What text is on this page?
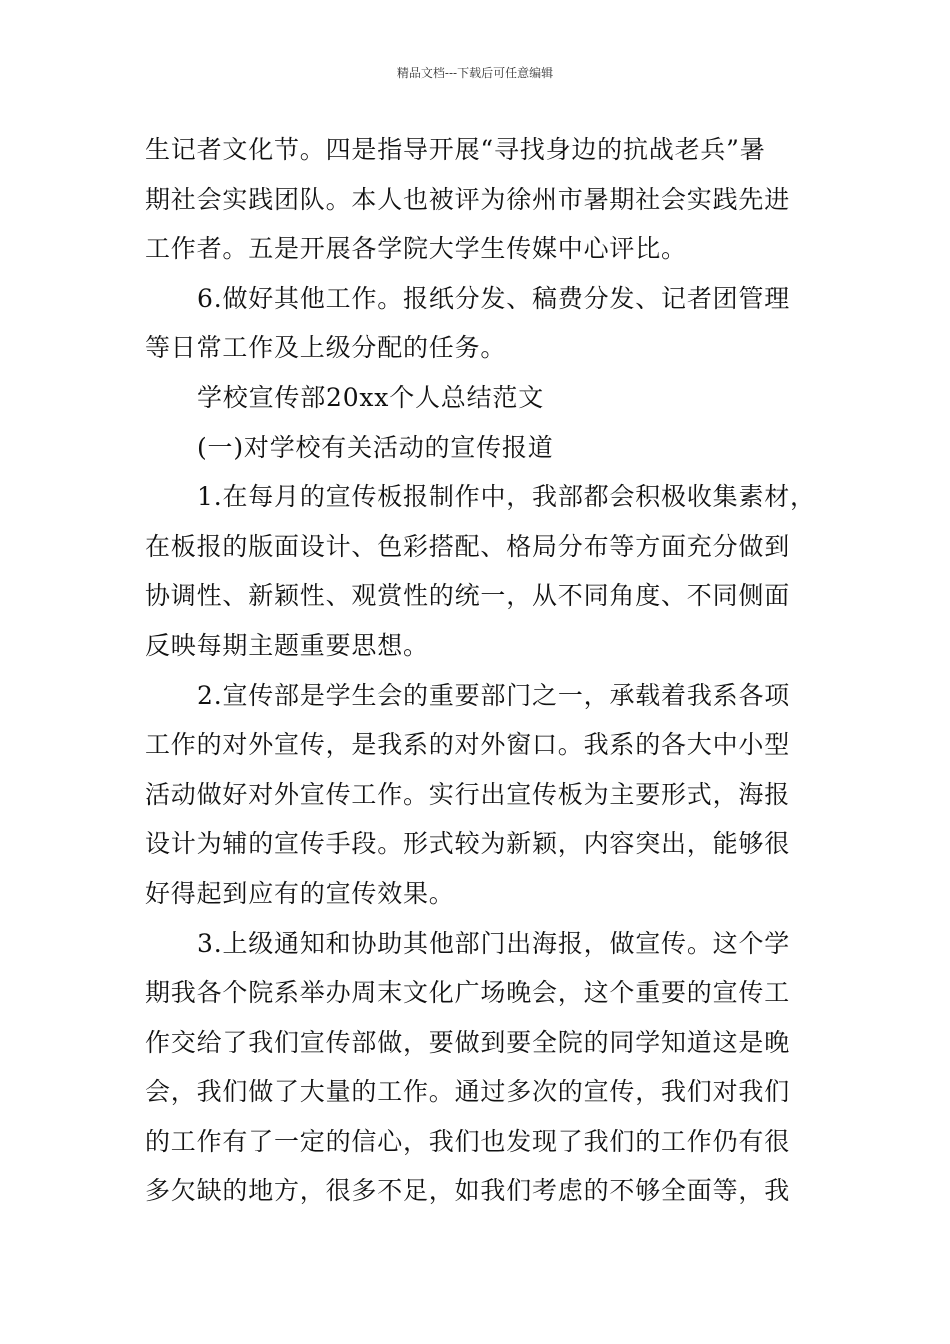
精品文档---下载后可任意编辑
生记者文化节。四是指导开展“寻找身边的抗战老兵”暑
期社会实践团队。本人也被评为徐州市暑期社会实践先进
工作者。五是开展各学院大学生传媒中心评比。
6.做好其他工作。报纸分发、稿费分发、记者团管理
等日常工作及上级分配的任务。
学校宣传部20xx个人总结范文
(一)对学校有关活动的宣传报道
1.在每月的宣传板报制作中，我部都会积极收集素材，
在板报的版面设计、色彩搭配、格局分布等方面充分做到
协调性、新颖性、观赏性的统一，从不同角度、不同侧面
反映每期主题重要思想。
2.宣传部是学生会的重要部门之一，承载着我系各项
工作的对外宣传，是我系的对外窗口。我系的各大中小型
活动做好对外宣传工作。实行出宣传板为主要形式，海报
设计为辅的宣传手段。形式较为新颖，内容突出，能够很
好得起到应有的宣传效果。
3.上级通知和协助其他部门出海报，做宣传。这个学
期我各个院系举办周末文化广场晚会，这个重要的宣传工
作交给了我们宣传部做，要做到要全院的同学知道这是晚
会，我们做了大量的工作。通过多次的宣传，我们对我们
的工作有了一定的信心，我们也发现了我们的工作仍有很
多欠缺的地方，很多不足，如我们考虑的不够全面等，我
